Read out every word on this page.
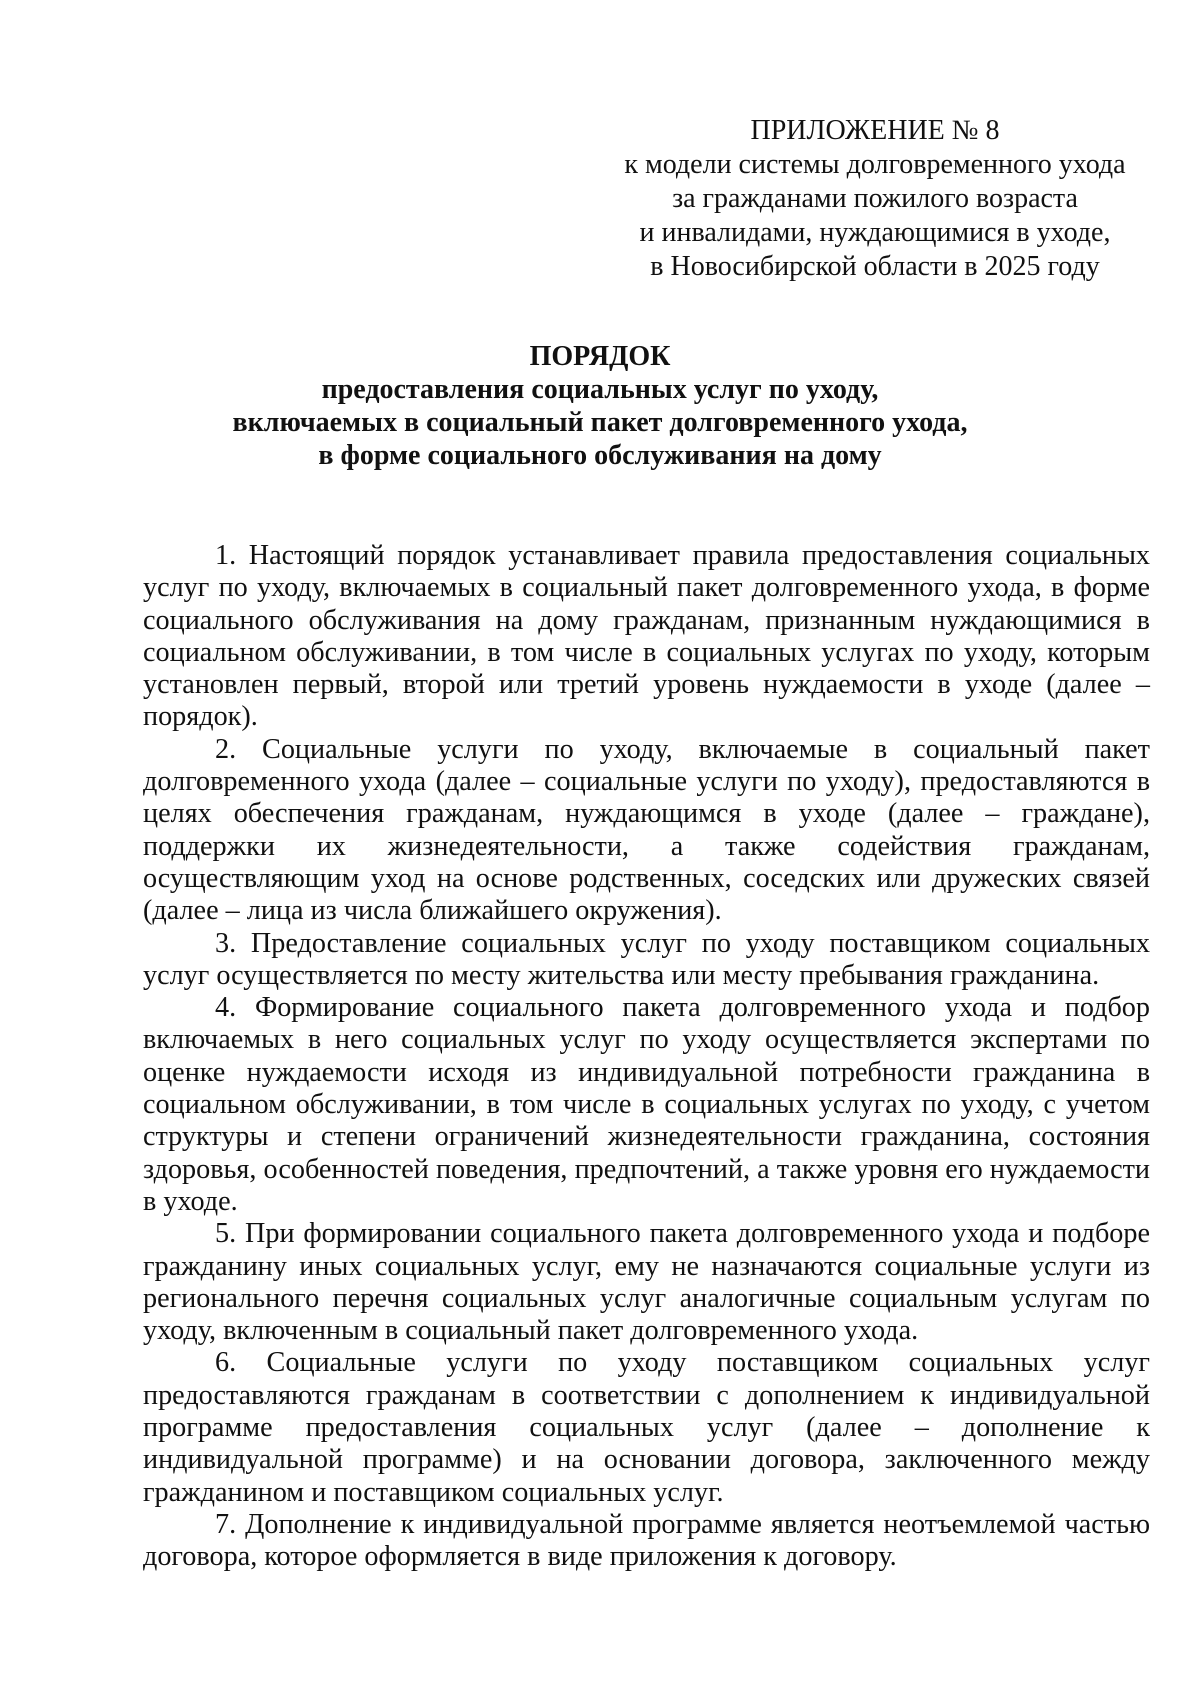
ПРИЛОЖЕНИЕ № 8
к модели системы долговременного ухода
за гражданами пожилого возраста
и инвалидами, нуждающимися в уходе,
в Новосибирской области в 2025 году
ПОРЯДОК
предоставления социальных услуг по уходу,
включаемых в социальный пакет долговременного ухода,
в форме социального обслуживания на дому

1. Настоящий порядок устанавливает правила предоставления социальных услуг по уходу, включаемых в социальный пакет долговременного ухода, в форме социального обслуживания на дому гражданам, признанным нуждающимися в социальном обслуживании, в том числе в социальных услугах по уходу, которым установлен первый, второй или третий уровень нуждаемости в уходе (далее – порядок).

2. Социальные услуги по уходу, включаемые в социальный пакет долговременного ухода (далее – социальные услуги по уходу), предоставляются в целях обеспечения гражданам, нуждающимся в уходе (далее – граждане), поддержки их жизнедеятельности, а также содействия гражданам, осуществляющим уход на основе родственных, соседских или дружеских связей (далее – лица из числа ближайшего окружения).

3. Предоставление социальных услуг по уходу поставщиком социальных услуг осуществляется по месту жительства или месту пребывания гражданина.

4. Формирование социального пакета долговременного ухода и подбор включаемых в него социальных услуг по уходу осуществляется экспертами по оценке нуждаемости исходя из индивидуальной потребности гражданина в социальном обслуживании, в том числе в социальных услугах по уходу, с учетом структуры и степени ограничений жизнедеятельности гражданина, состояния здоровья, особенностей поведения, предпочтений, а также уровня его нуждаемости в уходе.

5. При формировании социального пакета долговременного ухода и подборе гражданину иных социальных услуг, ему не назначаются социальные услуги из регионального перечня социальных услуг аналогичные социальным услугам по уходу, включенным в социальный пакет долговременного ухода.

6. Социальные услуги по уходу поставщиком социальных услуг предоставляются гражданам в соответствии с дополнением к индивидуальной программе предоставления социальных услуг (далее – дополнение к индивидуальной программе) и на основании договора, заключенного между гражданином и поставщиком социальных услуг.

7. Дополнение к индивидуальной программе является неотъемлемой частью договора, которое оформляется в виде приложения к договору.
